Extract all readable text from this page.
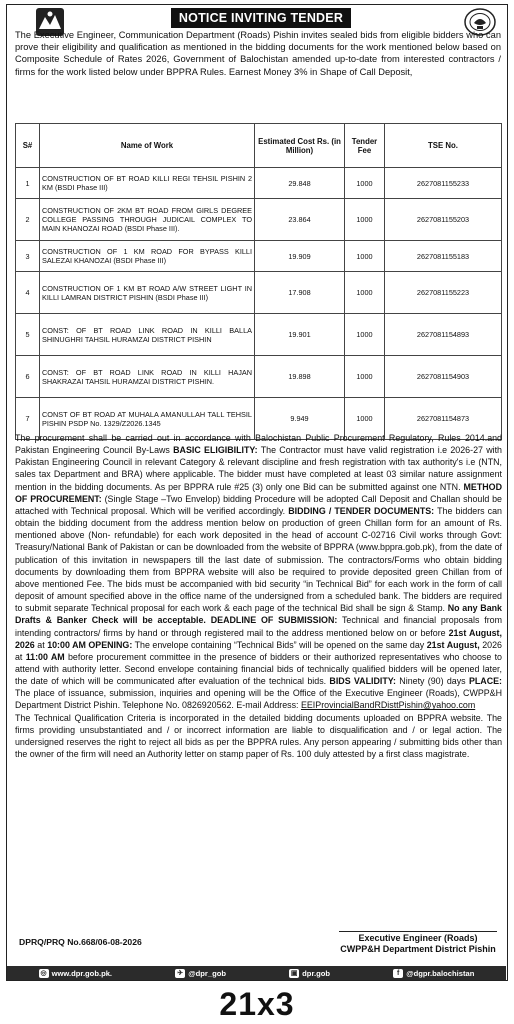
NOTICE INVITING TENDER

The Executive Engineer, Communication Department (Roads) Pishin invites sealed bids from eligible bidders who can prove their eligibility and qualification as mentioned in the bidding documents for the work mentioned below based on Composite Schedule of Rates 2026, Government of Balochistan amended up-to-date from interested contractors / firms for the work listed below under BPPRA Rules. Earnest Money 3% in Shape of Call Deposit,

S#	Name of Work	Estimated Cost Rs. (in Million)	Tender Fee	TSE No.
1	CONSTRUCTION OF BT ROAD KILLI REGI TEHSIL PISHIN 2 KM (BSDI Phase III)	29.848	1000	2627081155233
2	CONSTRUCTION OF 2KM BT ROAD FROM GIRLS DEGREE COLLEGE PASSING THROUGH JUDICAIL COMPLEX TO MAIN KHANOZAI ROAD (BSDI Phase III).	23.864	1000	2627081155203
3	CONSTRUCTION OF 1 KM ROAD FOR BYPASS KILLI SALEZAI KHANOZAI (BSDI Phase III)	19.909	1000	2627081155183
4	CONSTRUCTION OF 1 KM BT ROAD A/W STREET LIGHT IN KILLI LAMRAN DISTRICT PISHIN (BSDI Phase III)	17.908	1000	2627081155223
5	CONST: OF BT ROAD LINK ROAD IN KILLI BALLA SHINUGHRI TAHSIL HURAMZAI DISTRICT PISHIN	19.901	1000	2627081154893
6	CONST: OF BT ROAD LINK ROAD IN KILLI HAJAN SHAKRAZAI TAHSIL HURAMZAI DISTRICT PISHIN.	19.898	1000	2627081154903
7	CONST OF BT ROAD AT MUHALA AMANULLAH TALL TEHSIL PISHIN PSDP No. 1329/Z2026.1345	9.949	1000	2627081154873

The procurement shall be carried out in accordance with Balochistan Public Procurement Regulatory, Rules 2014.and Pakistan Engineering Council By-Laws BASIC ELIGIBILITY: The Contractor must have valid registration i.e 2026-27 with Pakistan Engineering Council in relevant Category & relevant discipline and fresh registration with tax authority's i.e (NTN, sales tax Department and BRA) where applicable. The bidder must have completed at least 03 similar nature assignment mention in the bidding documents. As per BPPRA rule #25 (3) only one Bid can be submitted against one NTN. METHOD OF PROCUREMENT: (Single Stage –Two Envelop) bidding Procedure will be adopted Call Deposit and Challan should be attached with Technical proposal. Which will be verified accordingly. BIDDING / TENDER DOCUMENTS: The bidders can obtain the bidding document from the address mention below on production of green Chillan form for an amount of Rs. mentioned above (Non- refundable) for each work deposited in the head of account C-02716 Civil works through Govt: Treasury/National Bank of Pakistan or can be downloaded from the website of BPPRA (www.bppra.gob.pk), from the date of publication of this invitation in newspapers till the last date of submission. The contractors/Forms who obtain bidding documents by downloading them from BPPRA website will also be required to provide deposited green Chillan from of above mentioned Fee. The bids must be accompanied with bid security “in Technical Bid” for each work in the form of call deposit of amount specified above in the office name of the undersigned from a scheduled bank. The bidders are required to submit separate Technical proposal for each work & each page of the technical Bid shall be sign & Stamp. No any Bank Drafts & Banker Check will be acceptable. DEADLINE OF SUBMISSION: Technical and financial proposals from intending contractors/ firms by hand or through registered mail to the address mentioned below on or before 21st August, 2026 at 10:00 AM OPENING: The envelope containing “Technical Bids” will be opened on the same day 21st August, 2026 at 11:00 AM before procurement committee in the presence of bidders or their authorized representatives who choose to attend with authority letter. Second envelope containing financial bids of technically qualified bidders will be opened later, the date of which will be communicated after evaluation of the technical bids. BIDS VALIDITY: Ninety (90) days PLACE: The place of issuance, submission, inquiries and opening will be the Office of the Executive Engineer (Roads), CWPP&H Department District Pishin. Telephone No. 0826920562. E-mail Address: EEIProvincialBandRDisttPishin@yahoo.com
The Technical Qualification Criteria is incorporated in the detailed bidding documents uploaded on BPPRA website. The firms providing unsubstantiated and / or incorrect information are liable to disqualification and / or legal action. The undersigned reserves the right to reject all bids as per the BPPRA rules. Any person appearing / submitting bids other than the owner of the firm will need an Authority letter on stamp paper of Rs. 100 duly attested by a first class magistrate.

DPRQ/PRQ No.668/06-08-2026	Executive Engineer (Roads)
CWPP&H Department District Pishin
◎ www.dpr.gob.pk.	✈ @dpr_gob	▣ dpr.gob	f @dgpr.balochistan
21x3
